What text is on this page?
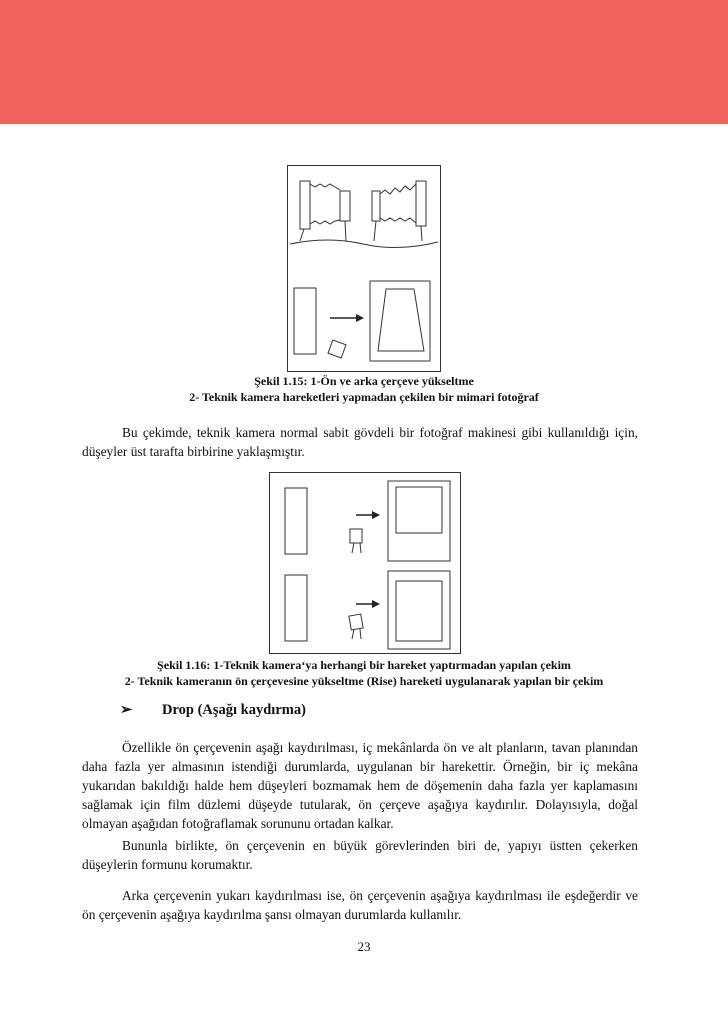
Şekil 1.15: 1-Ön ve arka çerçeve yükseltme
2- Teknik kamera hareketleri yapmadan çekilen bir mimari fotoğraf
Bu çekimde, teknik kamera normal sabit gövdeli bir fotoğraf makinesi gibi kullanıldığı için, düşeyler üst tarafta birbirine yaklaşmıştır.
Şekil 1.16: 1-Teknik kamera‘ya herhangi bir hareket yaptırmadan yapılan çekim
2- Teknik kameranın ön çerçevesine yükseltme (Rise) hareketi uygulanarak yapılan bir çekim
➢ Drop (Aşağı kaydırma)
Özellikle ön çerçevenin aşağı kaydırılması, iç mekânlarda ön ve alt planların, tavan planından daha fazla yer almasının istendiği durumlarda, uygulanan bir harekettir. Örneğin, bir iç mekâna yukarıdan bakıldığı halde hem düşeyleri bozmamak hem de döşemenin daha fazla yer kaplamasını sağlamak için film düzlemi düşeyde tutularak, ön çerçeve aşağıya kaydırılır. Dolayısıyla, doğal olmayan aşağıdan fotoğraflamak sorununu ortadan kalkar.
Bununla birlikte, ön çerçevenin en büyük görevlerinden biri de, yapıyı üstten çekerken düşeylerin formunu korumaktır.
Arka çerçevenin yukarı kaydırılması ise, ön çerçevenin aşağıya kaydırılması ile eşdeğerdir ve ön çerçevenin aşağıya kaydırılma şansı olmayan durumlarda kullanılır.
23
